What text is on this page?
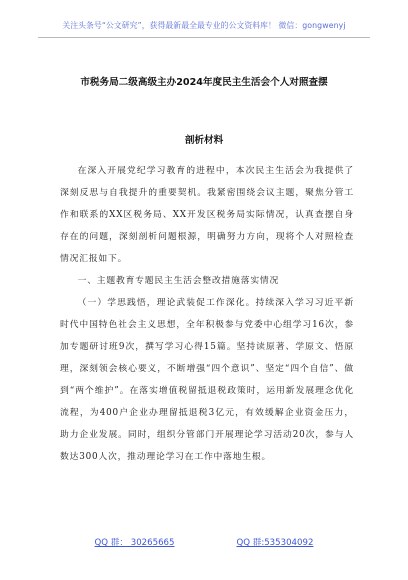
关注头条号“公文研究”，获得最新最全最专业的公文资料库！ 微信：gongwenyj
市税务局二级高级主办2024年度民主生活会个人对照查摆
剖析材料

在深入开展党纪学习教育的进程中，本次民主生活会为我提供了深刻反思与自我提升的重要契机。我紧密围绕会议主题，聚焦分管工作和联系的XX区税务局、XX开发区税务局实际情况，认真查摆自身存在的问题，深刻剖析问题根源，明确努力方向，现将个人对照检查情况汇报如下。

一、主题教育专题民主生活会整改措施落实情况

（一）学思践悟，理论武装促工作深化。持续深入学习习近平新时代中国特色社会主义思想，全年积极参与党委中心组学习16次，参加专题研讨班9次，撰写学习心得15篇。坚持读原著、学原文、悟原理，深刻领会核心要义，不断增强“四个意识”、坚定“四个自信”、做到“两个维护”。在落实增值税留抵退税政策时，运用新发展理念优化流程，为400户企业办理留抵退税3亿元，有效缓解企业资金压力，助力企业发展。同时，组织分管部门开展理论学习活动20次，参与人数达300人次，推动理论学习在工作中落地生根。

QQ 群： 30265665	QQ 群:535304092
